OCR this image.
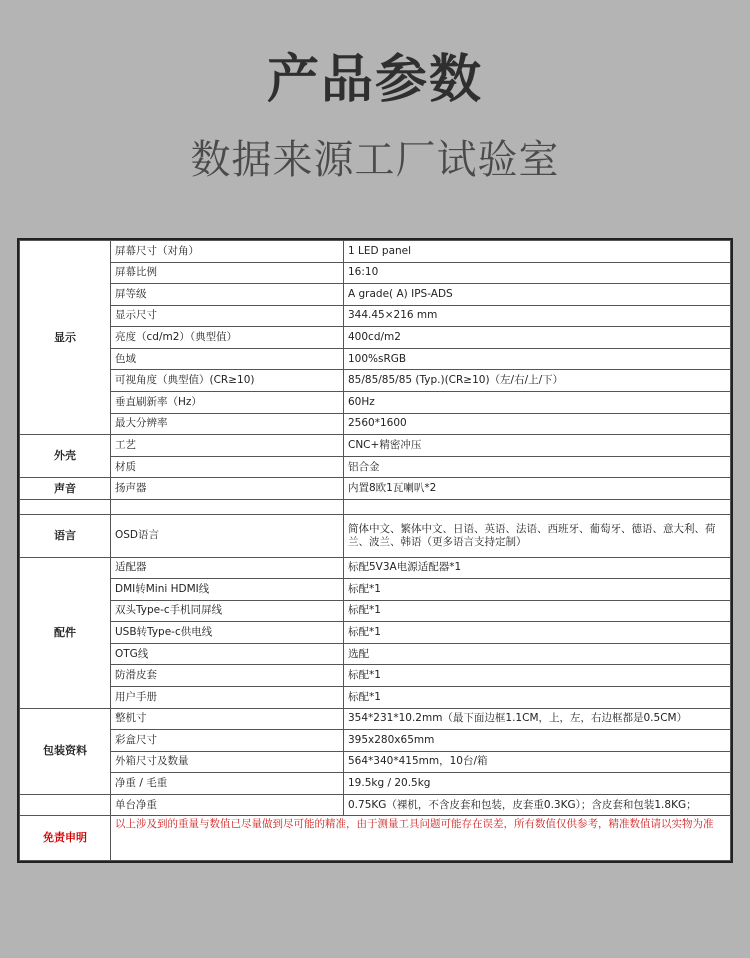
产品参数
数据来源工厂试验室
显示	屏幕尺寸（对角）	1 LED panel
	屏幕比例	16:10
	屏等级	A grade( A) IPS-ADS
	显示尺寸	344.45×216 mm
	亮度（cd/m2）（典型值）	400cd/m2
	色域	100%sRGB
	可视角度（典型值）(CR≥10)	85/85/85/85 (Typ.)(CR≥10)（左/右/上/下）
	垂直刷新率（Hz）	60Hz
	最大分辨率	2560*1600
外壳	工艺	CNC+精密冲压
	材质	铝合金
声音	扬声器	内置8欧1瓦喇叭*2

语言	OSD语言	简体中文、繁体中文、日语、英语、法语、西班牙、葡萄牙、德语、意大利、荷兰、波兰、韩语（更多语言支持定制）
配件	适配器	标配5V3A电源适配器*1
	DMI转Mini HDMI线	标配*1
	双头Type-c手机同屏线	标配*1
	USB转Type-c供电线	标配*1
	OTG线	选配
	防滑皮套	标配*1
	用户手册	标配*1
包装资料	整机寸	354*231*10.2mm（最下面边框1.1CM，上，左，右边框都是0.5CM）
	彩盒尺寸	395x280x65mm
	外箱尺寸及数量	564*340*415mm，10台/箱
	净重 / 毛重	19.5kg / 20.5kg
	单台净重	0.75KG（裸机，不含皮套和包装，皮套重0.3KG）；含皮套和包装1.8KG；
免责申明	以上涉及到的重量与数值已尽量做到尽可能的精准，由于测量工具问题可能存在误差，所有数值仅供参考，精准数值请以实物为准	
